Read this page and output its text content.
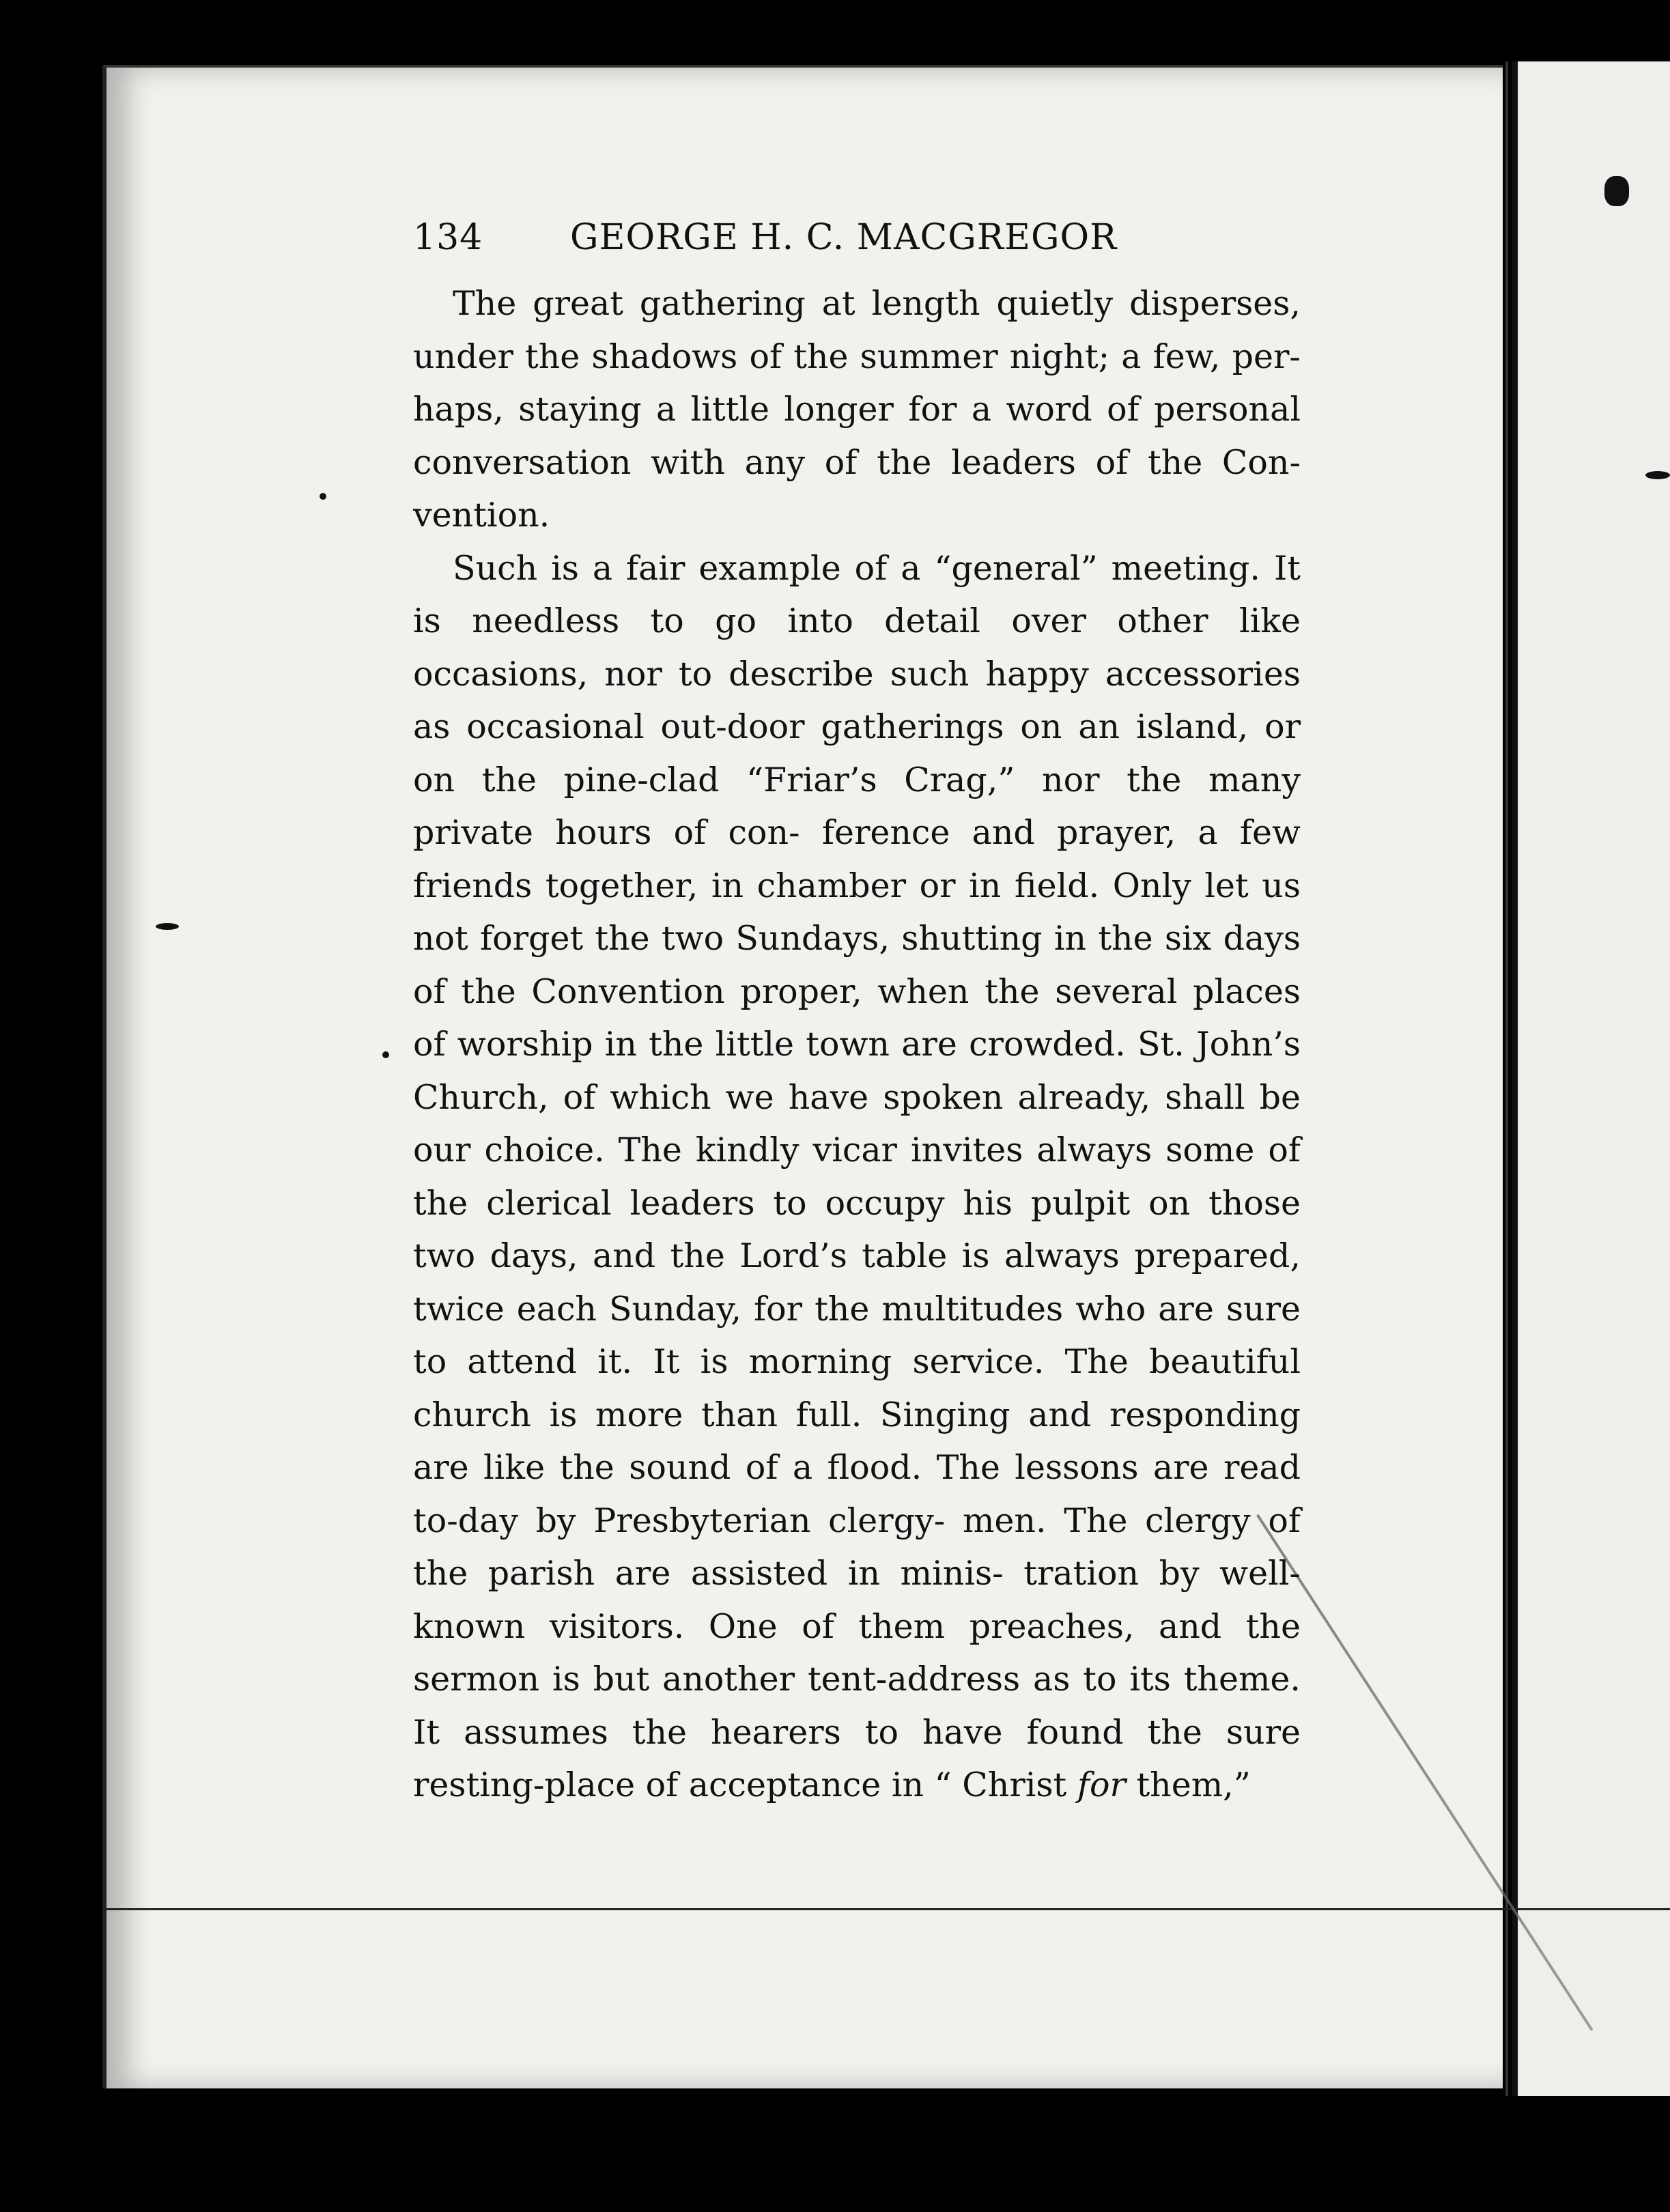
134	GEORGE H. C. MACGREGOR

The great gathering at length quietly disperses, under the shadows of the summer night; a few, per- haps, staying a little longer for a word of personal conversation with any of the leaders of the Con- vention.

Such is a fair example of a “general” meeting. It is needless to go into detail over other like occasions, nor to describe such happy accessories as occasional out-door gatherings on an island, or on the pine-clad “Friar’s Crag,” nor the many private hours of con- ference and prayer, a few friends together, in chamber or in field. Only let us not forget the two Sundays, shutting in the six days of the Convention proper, when the several places of worship in the little town are crowded. St. John’s Church, of which we have spoken already, shall be our choice. The kindly vicar invites always some of the clerical leaders to occupy his pulpit on those two days, and the Lord’s table is always prepared, twice each Sunday, for the multitudes who are sure to attend it. It is morning service. The beautiful church is more than full. Singing and responding are like the sound of a flood. The lessons are read to-day by Presbyterian clergy- men. The clergy of the parish are assisted in minis- tration by well-known visitors. One of them preaches, and the sermon is but another tent-address as to its theme. It assumes the hearers to have found the sure resting-place of acceptance in “ Christ for them,”
